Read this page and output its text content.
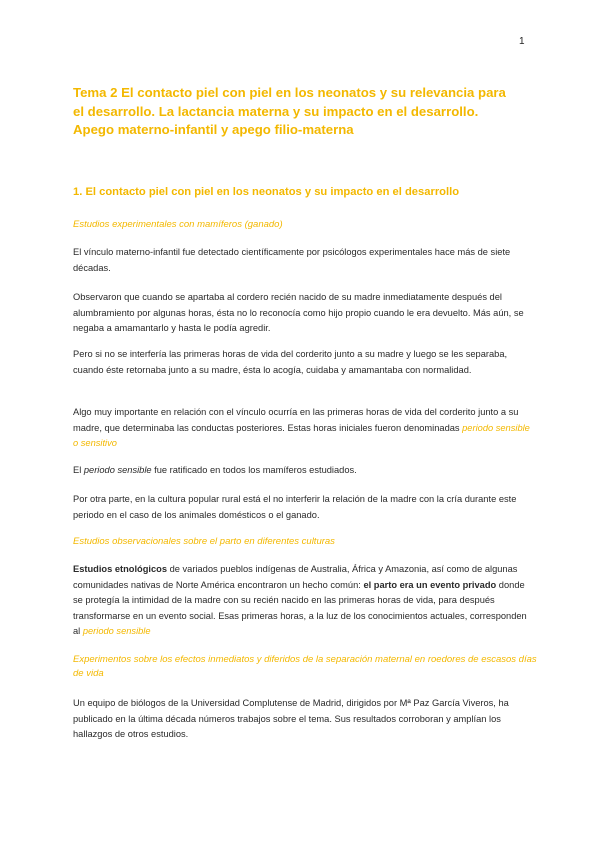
1
Tema 2 El contacto piel con piel en los neonatos y su relevancia para el desarrollo. La lactancia materna y su impacto en el desarrollo. Apego materno-infantil y apego filio-materna
1. El contacto piel con piel en los neonatos y su impacto en el desarrollo

Estudios experimentales con mamíferos (ganado)

El vínculo materno-infantil fue detectado científicamente por psicólogos experimentales hace más de siete décadas.

Observaron que cuando se apartaba al cordero recién nacido de su madre inmediatamente después del alumbramiento por algunas horas, ésta no lo reconocía como hijo propio cuando le era devuelto. Más aún, se negaba a amamantarlo y hasta le podía agredir.

Pero si no se interfería las primeras horas de vida del corderito junto a su madre y luego se les separaba, cuando éste retornaba junto a su madre, ésta lo acogía, cuidaba y amamantaba con normalidad.

Algo muy importante en relación con el vínculo ocurría en las primeras horas de vida del corderito junto a su madre, que determinaba las conductas posteriores. Estas horas iniciales fueron denominadas periodo sensible o sensitivo

El periodo sensible fue ratificado en todos los mamíferos estudiados.

Por otra parte, en la cultura popular rural está el no interferir la relación de la madre con la cría durante este periodo en el caso de los animales domésticos o el ganado.

Estudios observacionales sobre el parto en diferentes culturas

Estudios etnológicos de variados pueblos indígenas de Australia, África y Amazonia, así como de algunas comunidades nativas de Norte América encontraron un hecho común: el parto era un evento privado donde se protegía la intimidad de la madre con su recién nacido en las primeras horas de vida, para después transformarse en un evento social. Esas primeras horas, a la luz de los conocimientos actuales, corresponden al periodo sensible

Experimentos sobre los efectos inmediatos y diferidos de la separación maternal en roedores de escasos días de vida

Un equipo de biólogos de la Universidad Complutense de Madrid, dirigidos por Mª Paz García Viveros, ha publicado en la última década números trabajos sobre el tema. Sus resultados corroboran y amplían los hallazgos de otros estudios.
